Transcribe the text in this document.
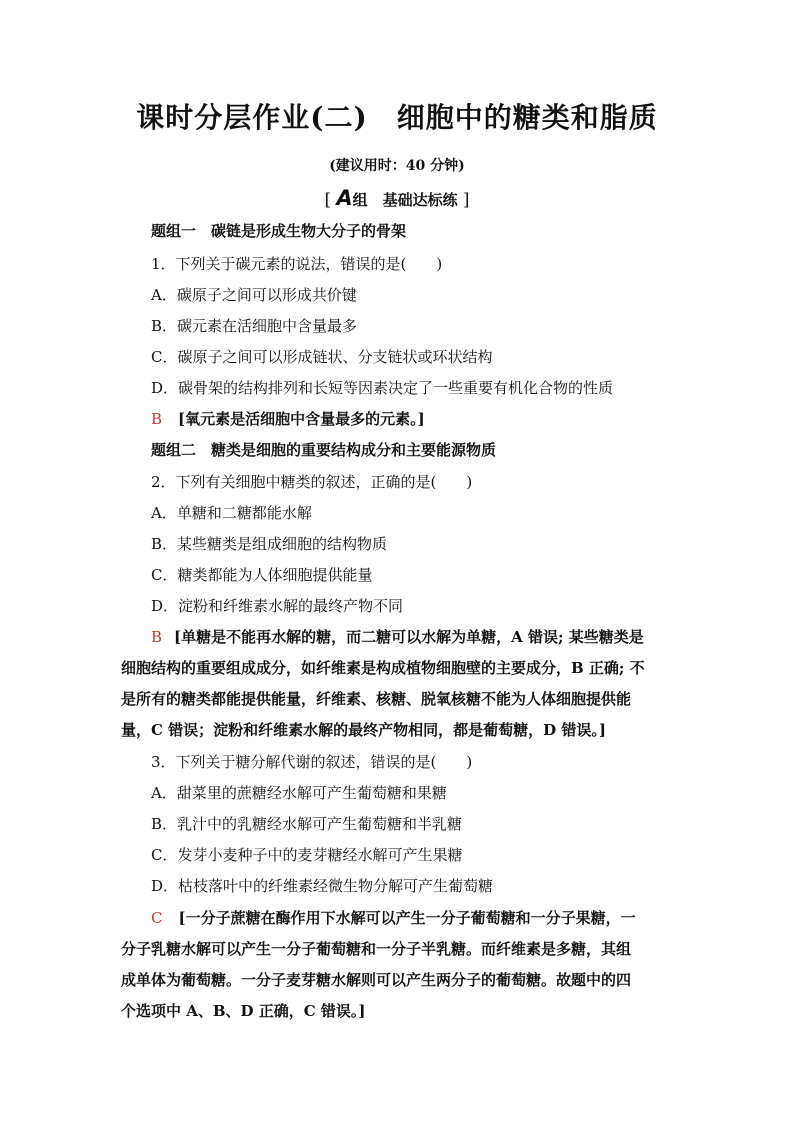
课时分层作业(二)　细胞中的糖类和脂质
(建议用时：40 分钟)
[ A组　基础达标练 ]
题组一　碳链是形成生物大分子的骨架
1．下列关于碳元素的说法，错误的是(　　)
A．碳原子之间可以形成共价键
B．碳元素在活细胞中含量最多
C．碳原子之间可以形成链状、分支链状或环状结构
D．碳骨架的结构排列和长短等因素决定了一些重要有机化合物的性质
B [氧元素是活细胞中含量最多的元素。]
题组二　糖类是细胞的重要结构成分和主要能源物质
2．下列有关细胞中糖类的叙述，正确的是(　　)
A．单糖和二糖都能水解
B．某些糖类是组成细胞的结构物质
C．糖类都能为人体细胞提供能量
D．淀粉和纤维素水解的最终产物不同
B [单糖是不能再水解的糖，而二糖可以水解为单糖，A 错误; 某些糖类是
细胞结构的重要组成成分，如纤维素是构成植物细胞壁的主要成分，B 正确; 不
是所有的糖类都能提供能量，纤维素、核糖、脱氧核糖不能为人体细胞提供能
量，C 错误；淀粉和纤维素水解的最终产物相同，都是葡萄糖，D 错误。]
3．下列关于糖分解代谢的叙述，错误的是(　　)
A．甜菜里的蔗糖经水解可产生葡萄糖和果糖
B．乳汁中的乳糖经水解可产生葡萄糖和半乳糖
C．发芽小麦种子中的麦芽糖经水解可产生果糖
D．枯枝落叶中的纤维素经微生物分解可产生葡萄糖
C [一分子蔗糖在酶作用下水解可以产生一分子葡萄糖和一分子果糖，一
分子乳糖水解可以产生一分子葡萄糖和一分子半乳糖。而纤维素是多糖，其组
成单体为葡萄糖。一分子麦芽糖水解则可以产生两分子的葡萄糖。故题中的四
个选项中 A、B、D 正确，C 错误。]
